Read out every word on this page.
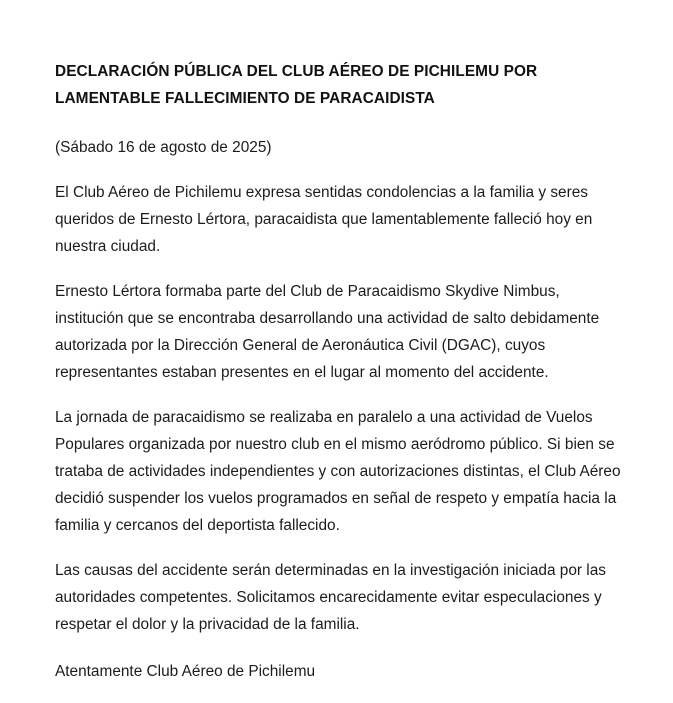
DECLARACIÓN PÚBLICA DEL CLUB AÉREO DE PICHILEMU POR LAMENTABLE FALLECIMIENTO DE PARACAIDISTA

(Sábado 16 de agosto de 2025)

El Club Aéreo de Pichilemu expresa sentidas condolencias a la familia y seres queridos de Ernesto Lértora, paracaidista que lamentablemente falleció hoy en nuestra ciudad.

Ernesto Lértora formaba parte del Club de Paracaidismo Skydive Nimbus, institución que se encontraba desarrollando una actividad de salto debidamente autorizada por la Dirección General de Aeronáutica Civil (DGAC), cuyos representantes estaban presentes en el lugar al momento del accidente.

La jornada de paracaidismo se realizaba en paralelo a una actividad de Vuelos Populares organizada por nuestro club en el mismo aeródromo público. Si bien se trataba de actividades independientes y con autorizaciones distintas, el Club Aéreo decidió suspender los vuelos programados en señal de respeto y empatía hacia la familia y cercanos del deportista fallecido.

Las causas del accidente serán determinadas en la investigación iniciada por las autoridades competentes. Solicitamos encarecidamente evitar especulaciones y respetar el dolor y la privacidad de la familia.

Atentamente Club Aéreo de Pichilemu
